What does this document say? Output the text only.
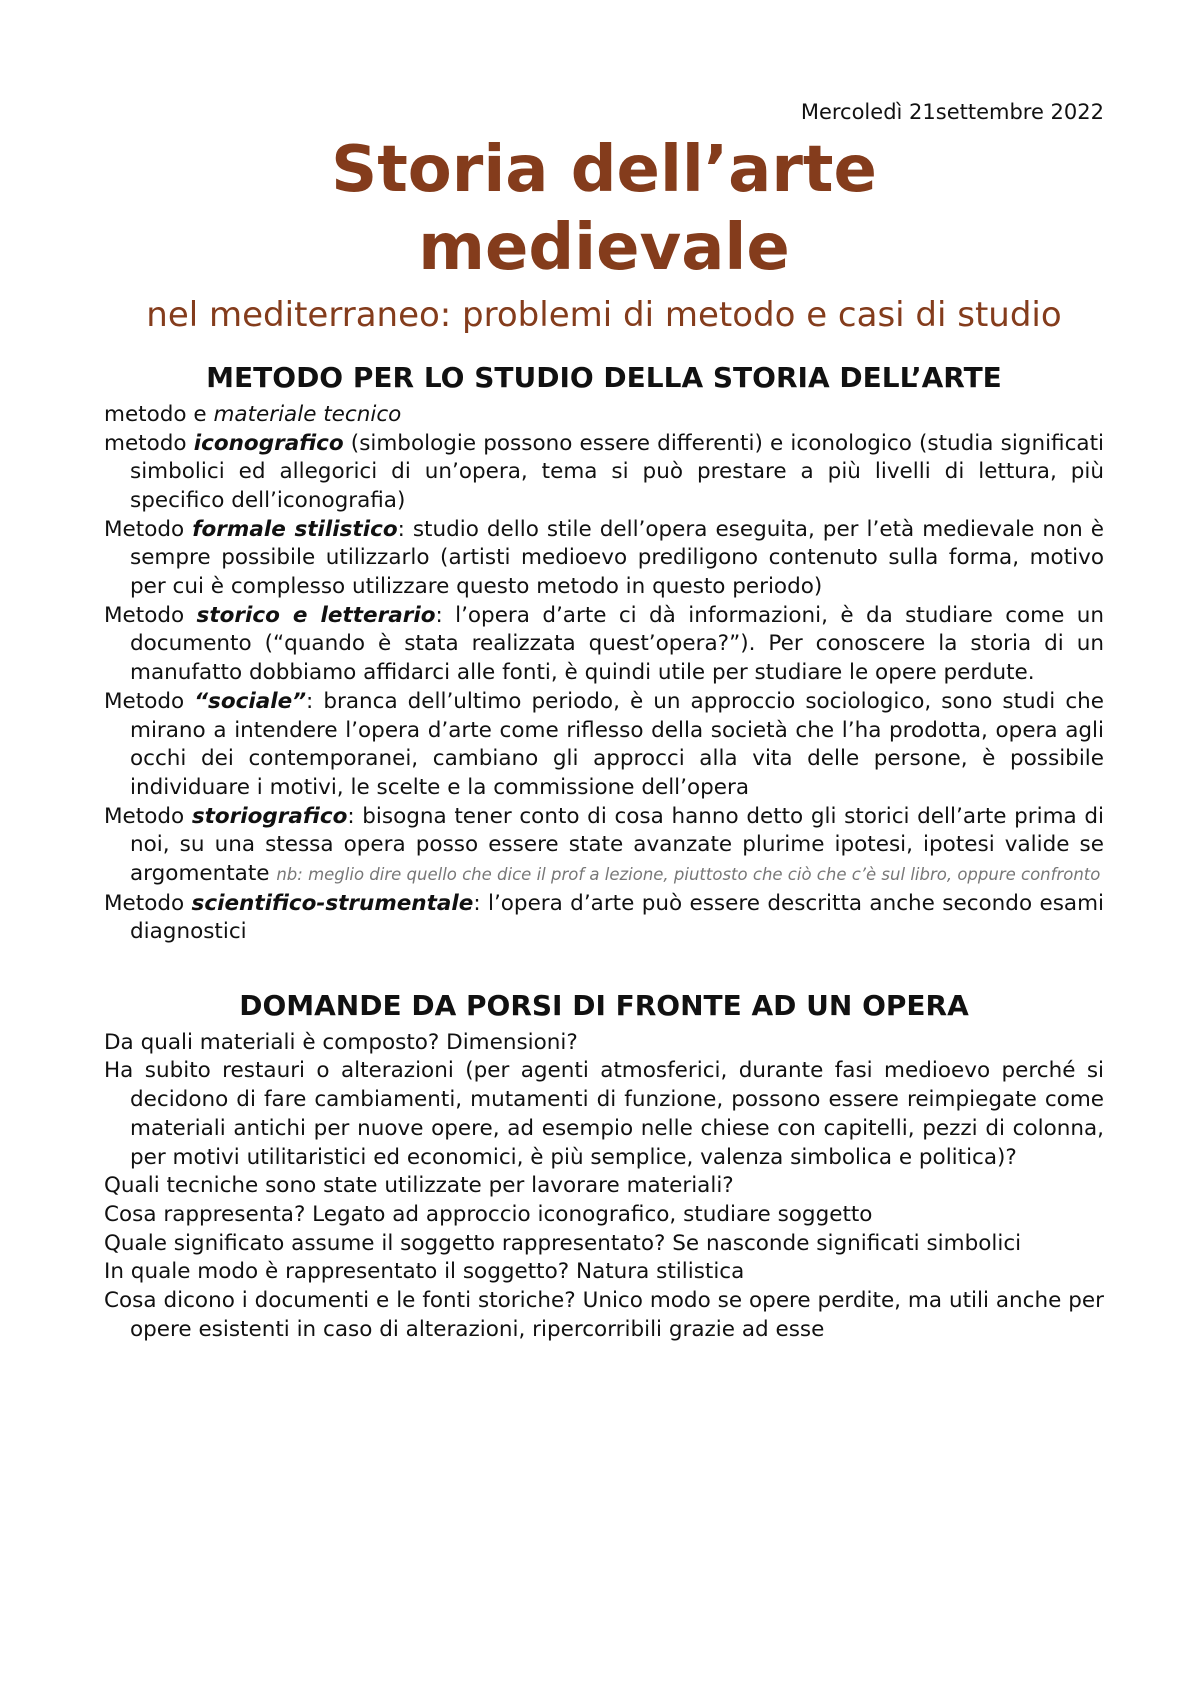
Mercoledì 21settembre 2022

Storia dell’arte
medievale

nel mediterraneo: problemi di metodo e casi di studio

METODO PER LO STUDIO DELLA STORIA DELL’ARTE

metodo e materiale tecnico

metodo iconografico (simbologie possono essere differenti) e iconologico (studia significati simbolici ed allegorici di un’opera, tema si può prestare a più livelli di lettura, più specifico dell’iconografia)

Metodo formale stilistico: studio dello stile dell’opera eseguita, per l’età medievale non è sempre possibile utilizzarlo (artisti medioevo prediligono contenuto sulla forma, motivo per cui è complesso utilizzare questo metodo in questo periodo)

Metodo storico e letterario: l’opera d’arte ci dà informazioni, è da studiare come un documento (“quando è stata realizzata quest’opera?”). Per conoscere la storia di un manufatto dobbiamo affidarci alle fonti, è quindi utile per studiare le opere perdute.

Metodo “sociale”: branca dell’ultimo periodo, è un approccio sociologico, sono studi che mirano a intendere l’opera d’arte come riflesso della società che l’ha prodotta, opera agli occhi dei contemporanei, cambiano gli approcci alla vita delle persone, è possibile individuare i motivi, le scelte e la commissione dell’opera

Metodo storiografico: bisogna tener conto di cosa hanno detto gli storici dell’arte prima di noi, su una stessa opera posso essere state avanzate plurime ipotesi, ipotesi valide se argomentate nb: meglio dire quello che dice il prof a lezione, piuttosto che ciò che c’è sul libro, oppure confronto

Metodo scientifico-strumentale: l’opera d’arte può essere descritta anche secondo esami diagnostici

DOMANDE DA PORSI DI FRONTE AD UN OPERA

Da quali materiali è composto? Dimensioni?

Ha subito restauri o alterazioni (per agenti atmosferici, durante fasi medioevo perché si decidono di fare cambiamenti, mutamenti di funzione, possono essere reimpiegate come materiali antichi per nuove opere, ad esempio nelle chiese con capitelli, pezzi di colonna, per motivi utilitaristici ed economici, è più semplice, valenza simbolica e politica)?

Quali tecniche sono state utilizzate per lavorare materiali?

Cosa rappresenta? Legato ad approccio iconografico, studiare soggetto

Quale significato assume il soggetto rappresentato? Se nasconde significati simbolici

In quale modo è rappresentato il soggetto? Natura stilistica

Cosa dicono i documenti e le fonti storiche? Unico modo se opere perdite, ma utili anche per opere esistenti in caso di alterazioni, ripercorribili grazie ad esse
